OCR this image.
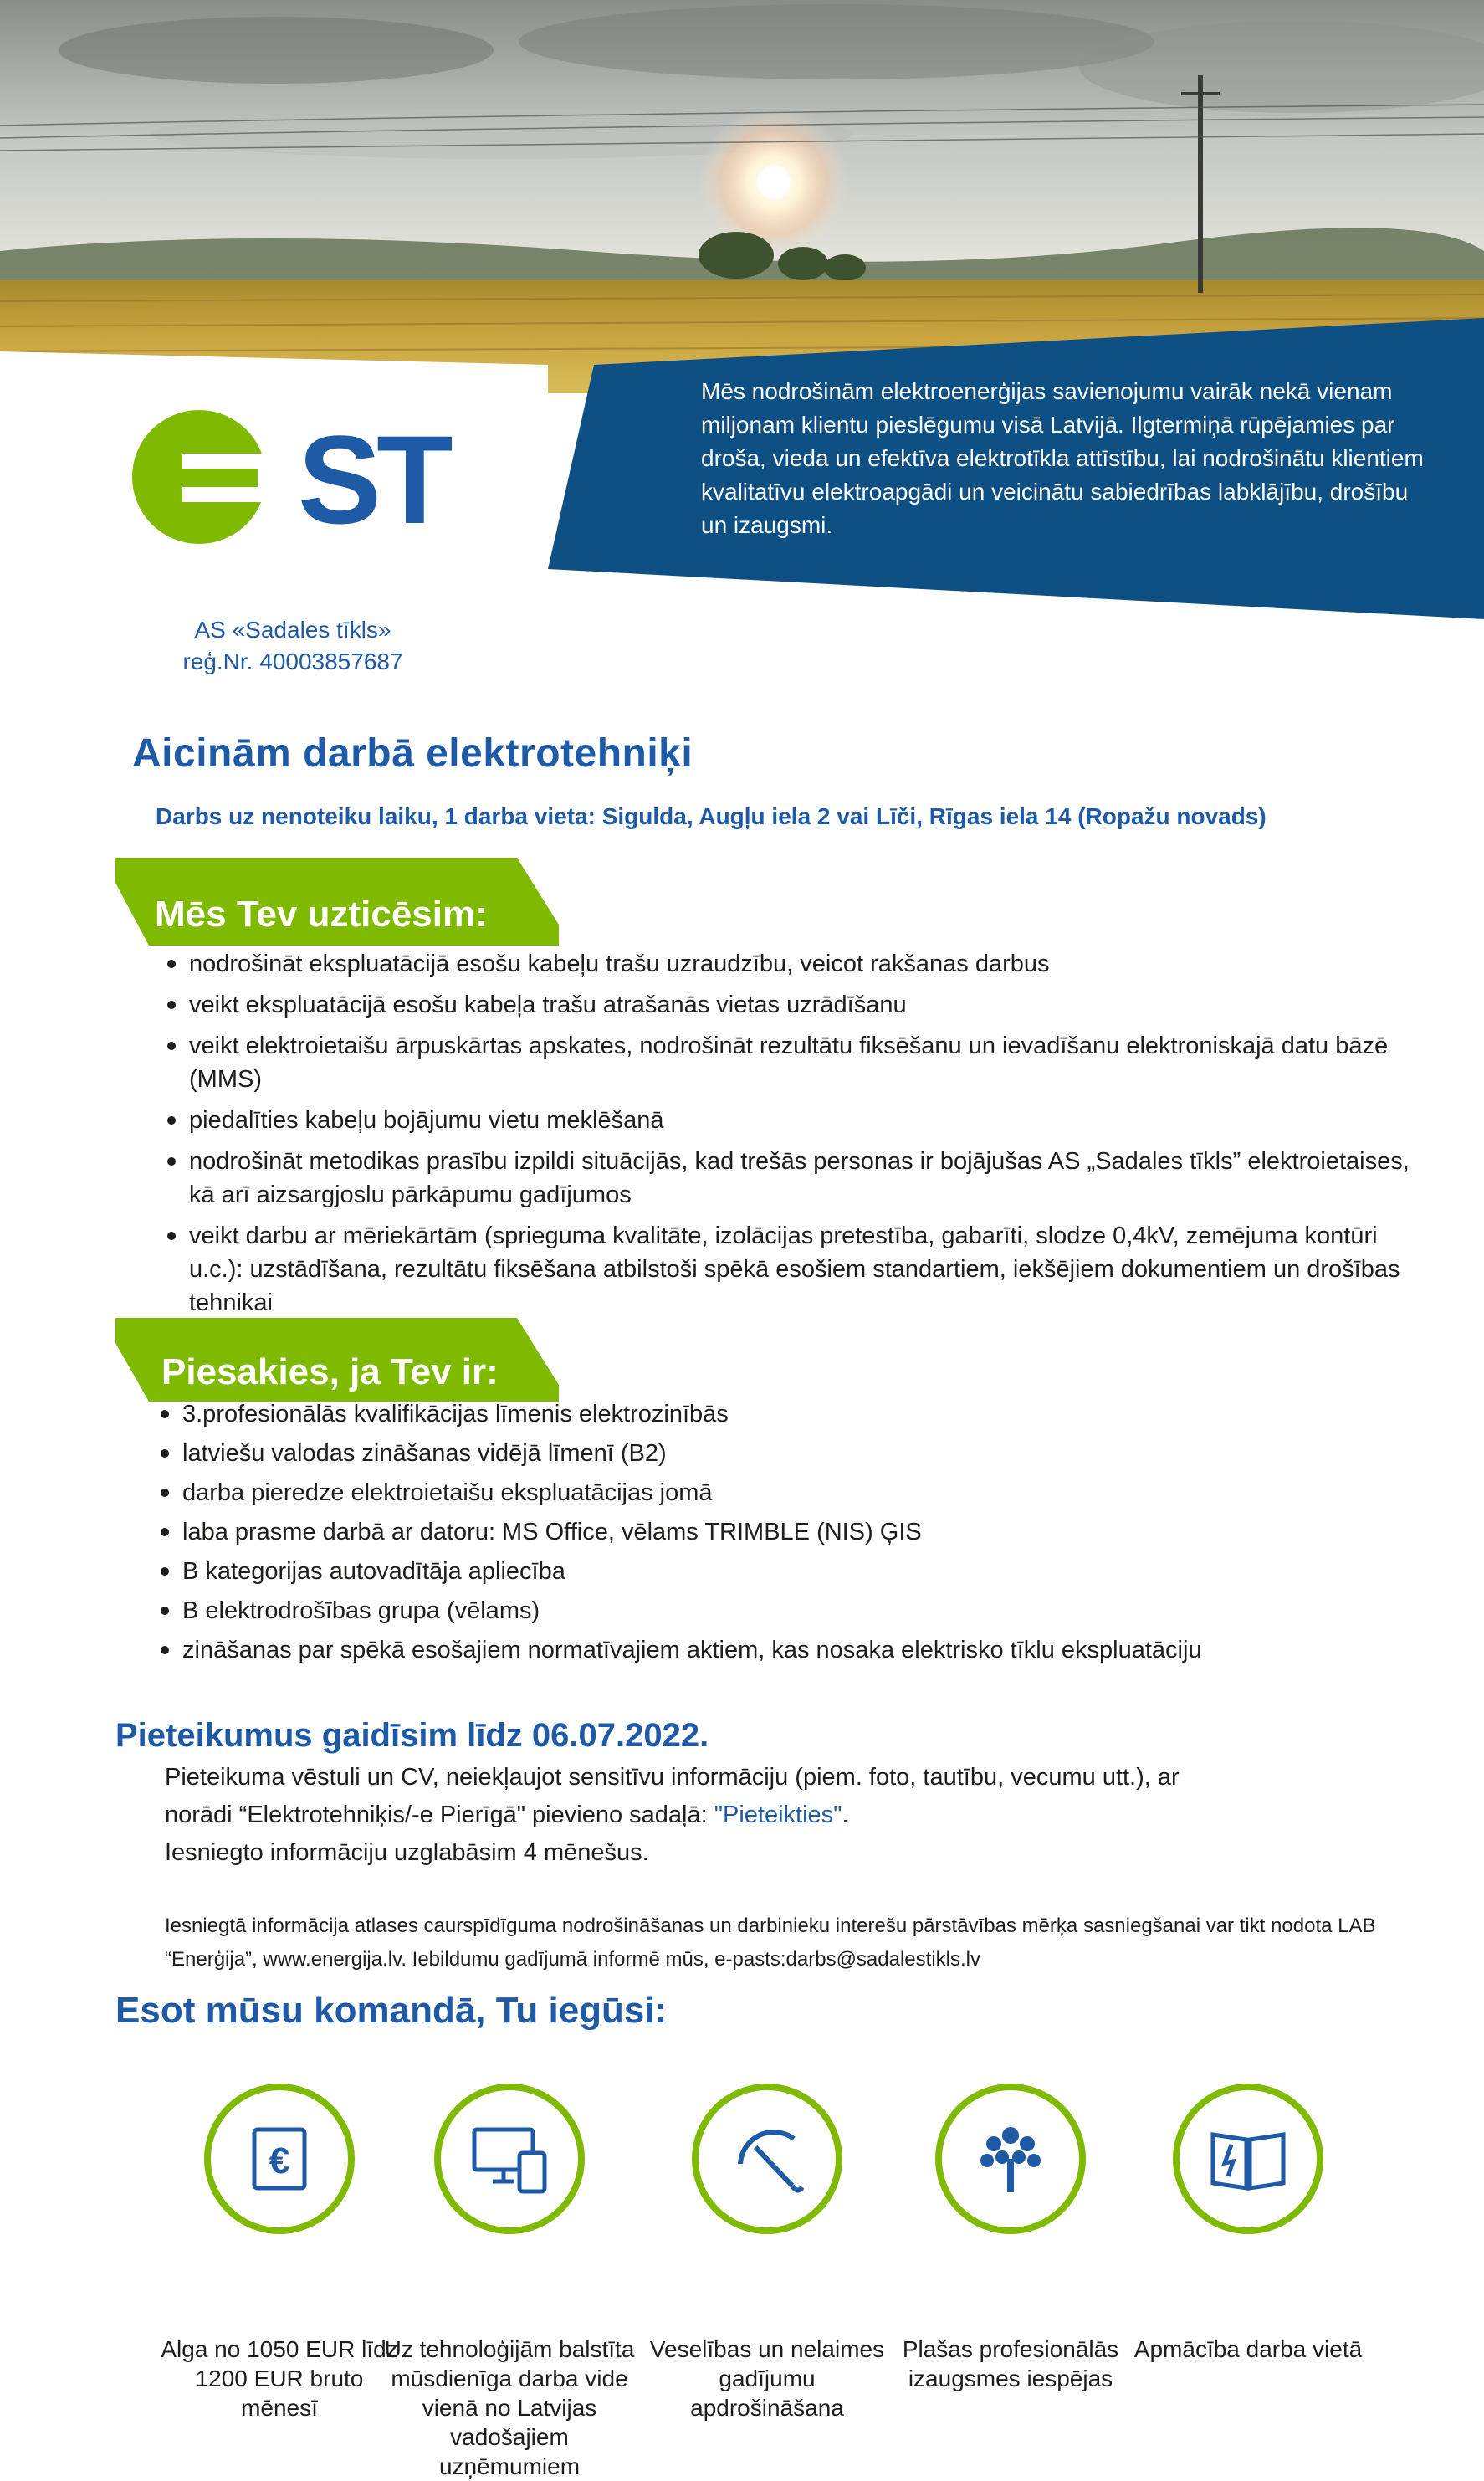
Mēs nodrošinām elektroenerģijas savienojumu vairāk nekā vienam miljonam klientu pieslēgumu visā Latvijā. Ilgtermiņā rūpējamies par droša, vieda un efektīva elektrotīkla attīstību, lai nodrošinātu klientiem kvalitatīvu elektroapgādi un veicinātu sabiedrības labklājību, drošību un izaugsmi.
ST
AS «Sadales tīkls»
reģ.Nr. 40003857687
Aicinām darbā elektrotehniķi
Darbs uz nenoteiku laiku, 1 darba vieta: Sigulda, Augļu iela 2 vai Līči, Rīgas iela 14 (Ropažu novads)
Mēs Tev uzticēsim:
nodrošināt ekspluatācijā esošu kabeļu trašu uzraudzību, veicot rakšanas darbus
veikt ekspluatācijā esošu kabeļa trašu atrašanās vietas uzrādīšanu
veikt elektroietaišu ārpuskārtas apskates, nodrošināt rezultātu fiksēšanu un ievadīšanu elektroniskajā datu bāzē (MMS)
piedalīties kabeļu bojājumu vietu meklēšanā
nodrošināt metodikas prasību izpildi situācijās, kad trešās personas ir bojājušas AS „Sadales tīkls” elektroietaises, kā arī aizsargjoslu pārkāpumu gadījumos
veikt darbu ar mēriekārtām (sprieguma kvalitāte, izolācijas pretestība, gabarīti, slodze 0,4kV, zemējuma kontūri u.c.): uzstādīšana, rezultātu fiksēšana atbilstoši spēkā esošiem standartiem, iekšējiem dokumentiem un drošības tehnikai
Piesakies, ja Tev ir:
3.profesionālās kvalifikācijas līmenis elektrozinībās
latviešu valodas zināšanas vidējā līmenī (B2)
darba pieredze elektroietaišu ekspluatācijas jomā
laba prasme darbā ar datoru: MS Office, vēlams TRIMBLE (NIS) ĢIS
B kategorijas autovadītāja apliecība
B elektrodrošības grupa (vēlams)
zināšanas par spēkā esošajiem normatīvajiem aktiem, kas nosaka elektrisko tīklu ekspluatāciju
Pieteikumus gaidīsim līdz 06.07.2022.
Pieteikuma vēstuli un CV, neiekļaujot sensitīvu informāciju (piem. foto, tautību, vecumu utt.), ar
norādi “Elektrotehniķis/-e Pierīgā" pievieno sadaļā: "Pieteikties".
Iesniegto informāciju uzglabāsim 4 mēnešus.
Iesniegtā informācija atlases caurspīdīguma nodrošināšanas un darbinieku interešu pārstāvības mērķa sasniegšanai var tikt nodota LAB “Enerģija”, www.energija.lv. Iebildumu gadījumā informē mūs, e-pasts:darbs@sadalestikls.lv
Esot mūsu komandā, Tu iegūsi:
€
Alga no 1050 EUR līdz 1200 EUR bruto mēnesī
Uz tehnoloģijām balstīta mūsdienīga darba vide vienā no Latvijas vadošajiem uzņēmumiem
Veselības un nelaimes gadījumu apdrošināšana
Plašas profesionālās izaugsmes iespējas
Apmācība darba vietā
